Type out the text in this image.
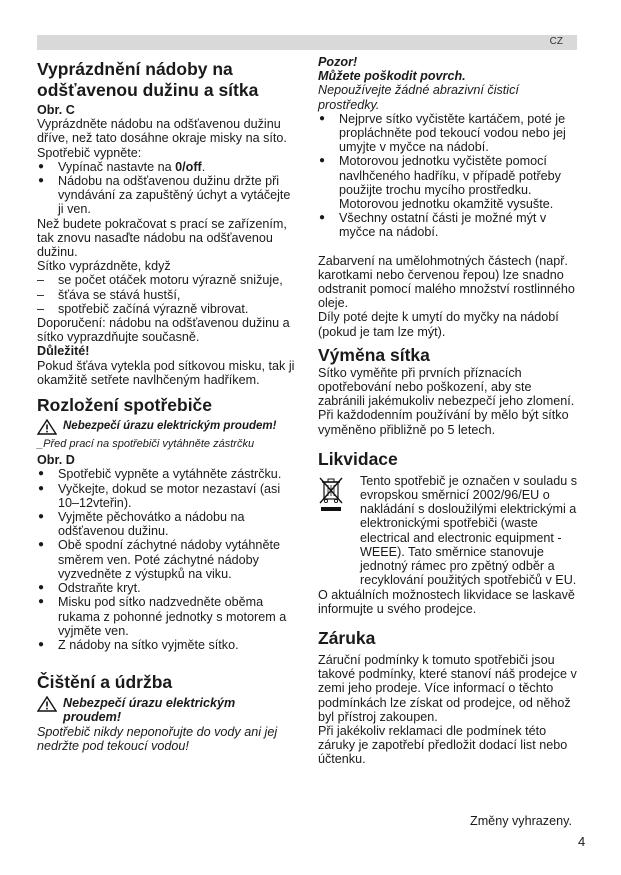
CZ

Vyprázdnění nádoby na odšťavenou dužinu a sítka

Obr. C

Vyprázdněte nádobu na odšťavenou dužinu dříve, než tato dosáhne okraje misky na síto.

Spotřebič vypněte:

● Vypínač nastavte na 0/off.
● Nádobu na odšťavenou dužinu držte při vyndávání za zapuštěný úchyt a vytáčejte ji ven.

Než budete pokračovat s prací se zařízením, tak znovu nasaďte nádobu na odšťavenou dužinu.

Sítko vyprázdněte, když

– se počet otáček motoru výrazně snižuje,
– šťáva se stává hustší,
– spotřebič začíná výrazně vibrovat.

Doporučení: nádobu na odšťavenou dužinu a sítko vyprazdňujte současně.

Důležité!

Pokud šťáva vytekla pod sítkovou misku, tak ji okamžitě setřete navlhčeným hadříkem.

Rozložení spotřebiče

Nebezpečí úrazu elektrickým proudem!

_Před prací na spotřebiči vytáhněte zástrčku

Obr. D

● Spotřebič vypněte a vytáhněte zástrčku.
● Vyčkejte, dokud se motor nezastaví (asi 10–12vteřin).
● Vyjměte pěchovátko a nádobu na odšťavenou dužinu.
● Obě spodní záchytné nádoby vytáhněte směrem ven. Poté záchytné nádoby vyzvedněte z výstupků na viku.
● Odstraňte kryt.
● Misku pod sítko nadzvedněte oběma rukama z pohonné jednotky s motorem a vyjměte ven.
● Z nádoby na sítko vyjměte sítko.

Čištění a údržba

Nebezpečí úrazu elektrickým proudem!

Spotřebič nikdy neponořujte do vody ani jej nedržte pod tekoucí vodou!

Pozor!

Můžete poškodit povrch.

Nepoužívejte žádné abrazivní čisticí prostředky.

● Nejprve sítko vyčistěte kartáčem, poté je propláchněte pod tekoucí vodou nebo jej umyjte v myčce na nádobí.
● Motorovou jednotku vyčistěte pomocí navlhčeného hadříku, v případě potřeby použijte trochu mycího prostředku. Motorovou jednotku okamžitě vysušte.
● Všechny ostatní části je možné mýt v myčce na nádobí.

Zabarvení na umělohmotných částech (např. karotkami nebo červenou řepou) lze snadno odstranit pomocí malého množství rostlinného oleje.

Díly poté dejte k umytí do myčky na nádobí (pokud je tam lze mýt).

Výměna sítka

Sítko vyměňte při prvních příznacích opotřebování nebo poškození, aby ste zabránili jakémukoliv nebezpečí jeho zlomení. Při každodenním používání by mělo být sítko vyměněno přibližně po 5 letech.

Likvidace

Tento spotřebič je označen v souladu s evropskou směrnicí 2002/96/EU o nakládání s dosloužilými elektrickými a elektronickými spotřebiči (waste electrical and electronic equipment - WEEE). Tato směrnice stanovuje jednotný rámec pro zpětný odběr a recyklování použitých spotřebičů v EU.

O aktuálních možnostech likvidace se laskavě informujte u svého prodejce.

Záruka

Záruční podmínky k tomuto spotřebiči jsou takové podmínky, které stanoví náš prodejce v zemi jeho prodeje. Více informací o těchto podmínkách lze získat od prodejce, od něhož byl přístroj zakoupen.

Při jakékoliv reklamaci dle podmínek této záruky je zapotřebí předložit dodací list nebo účtenku.

Změny vyhrazeny.
4
